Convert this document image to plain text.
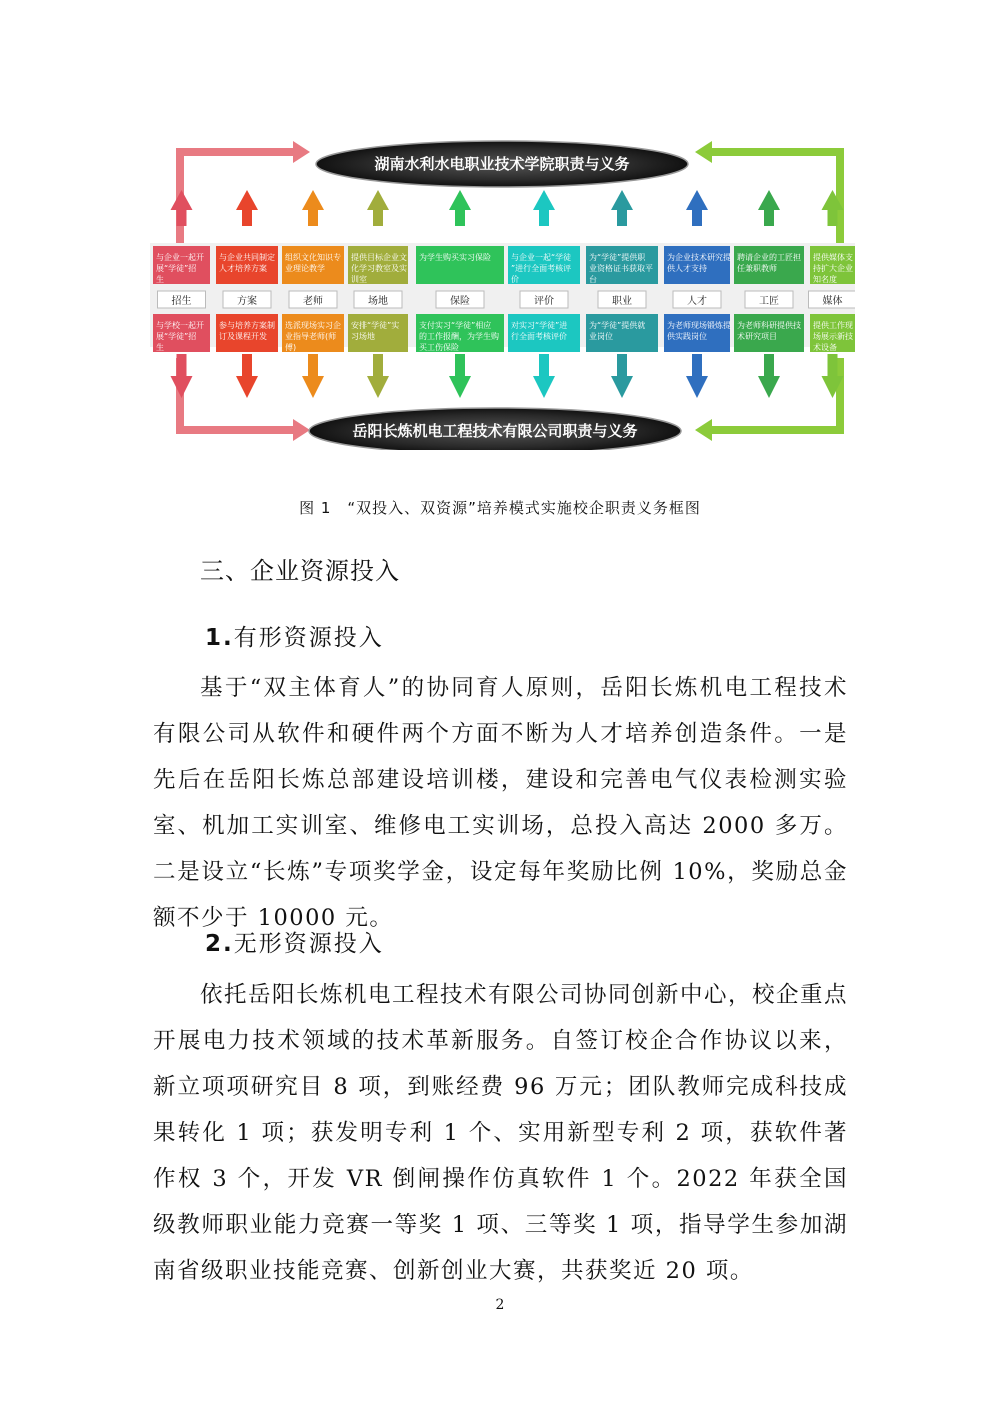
湖南水利水电职业技术学院职责与义务
岳阳长炼机电工程技术有限公司职责与义务
与企业一起开
展“学徒”招
生
招生
与学校一起开
展“学徒”招
生
与企业共同制定
人才培养方案
方案
参与培养方案制
订及课程开发
组织文化知识专
业理论教学
老师
选派现场实习企
业指导老师(师
傅)
提供目标企业文
化学习教室及实
训室
场地
安排“学徒”实
习场地
为学生购买实习保险
保险
支付实习“学徒”相应
的工作报酬，为学生购
买工伤保险
与企业一起“学徒
”进行全面考核评
价
评价
对实习“学徒”进
行全面考核评价
为“学徒”提供职
业资格证书获取平
台
职业
为“学徒”提供就
业岗位
为企业技术研究提
供人才支持
人才
为老师现场锻炼提
供实践岗位
聘请企业的工匠担
任兼职教师
工匠
为老师科研提供技
术研究项目
提供媒体支
持扩大企业
知名度
媒体
提供工作现
场展示新技
术设备
图 1　“双投入、双资源”培养模式实施校企职责义务框图
三、企业资源投入
1.有形资源投入

基于“双主体育人”的协同育人原则，岳阳长炼机电工程技术有限公司从软件和硬件两个方面不断为人才培养创造条件。一是先后在岳阳长炼总部建设培训楼，建设和完善电气仪表检测实验室、机加工实训室、维修电工实训场，总投入高达 2000 多万。二是设立“长炼”专项奖学金，设定每年奖励比例 10%，奖励总金额不少于 10000 元。

2.无形资源投入

依托岳阳长炼机电工程技术有限公司协同创新中心，校企重点开展电力技术领域的技术革新服务。自签订校企合作协议以来，新立项项研究目 8 项，到账经费 96 万元；团队教师完成科技成果转化 1 项；获发明专利 1 个、实用新型专利 2 项，获软件著作权 3 个，开发 VR 倒闸操作仿真软件 1 个。2022 年获全国级教师职业能力竞赛一等奖 1 项、三等奖 1 项，指导学生参加湖南省级职业技能竞赛、创新创业大赛，共获奖近 20 项。

2
